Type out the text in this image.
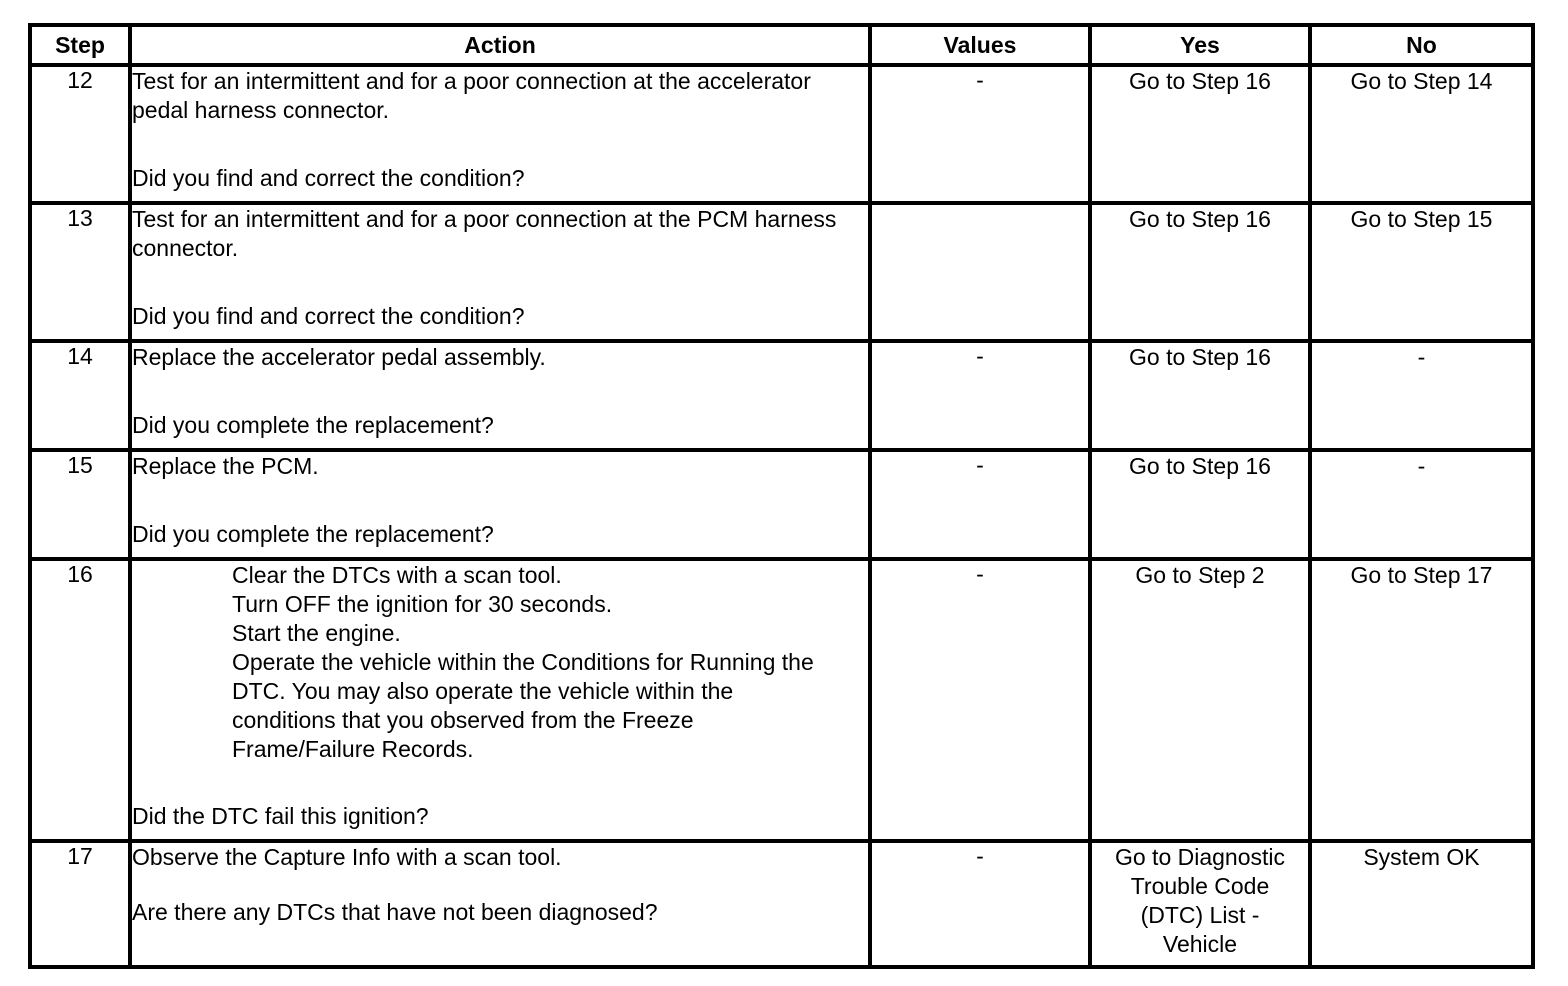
Step	Action	Values	Yes	No
12	Test for an intermittent and for a poor connection at the accelerator pedal harness connector.
Did you find and correct the condition?	-	Go to Step 16	Go to Step 14
13	Test for an intermittent and for a poor connection at the PCM harness connector.
Did you find and correct the condition?		Go to Step 16	Go to Step 15
14	Replace the accelerator pedal assembly.
Did you complete the replacement?	-	Go to Step 16	-
15	Replace the PCM.
Did you complete the replacement?	-	Go to Step 16	-
16	Clear the DTCs with a scan tool.
Turn OFF the ignition for 30 seconds.
Start the engine.
Operate the vehicle within the Conditions for Running the DTC. You may also operate the vehicle within the conditions that you observed from the Freeze Frame/Failure Records.
Did the DTC fail this ignition?	-	Go to Step 2	Go to Step 17
17	Observe the Capture Info with a scan tool.
Are there any DTCs that have not been diagnosed?	-	Go to Diagnostic Trouble Code (DTC) List - Vehicle	System OK
